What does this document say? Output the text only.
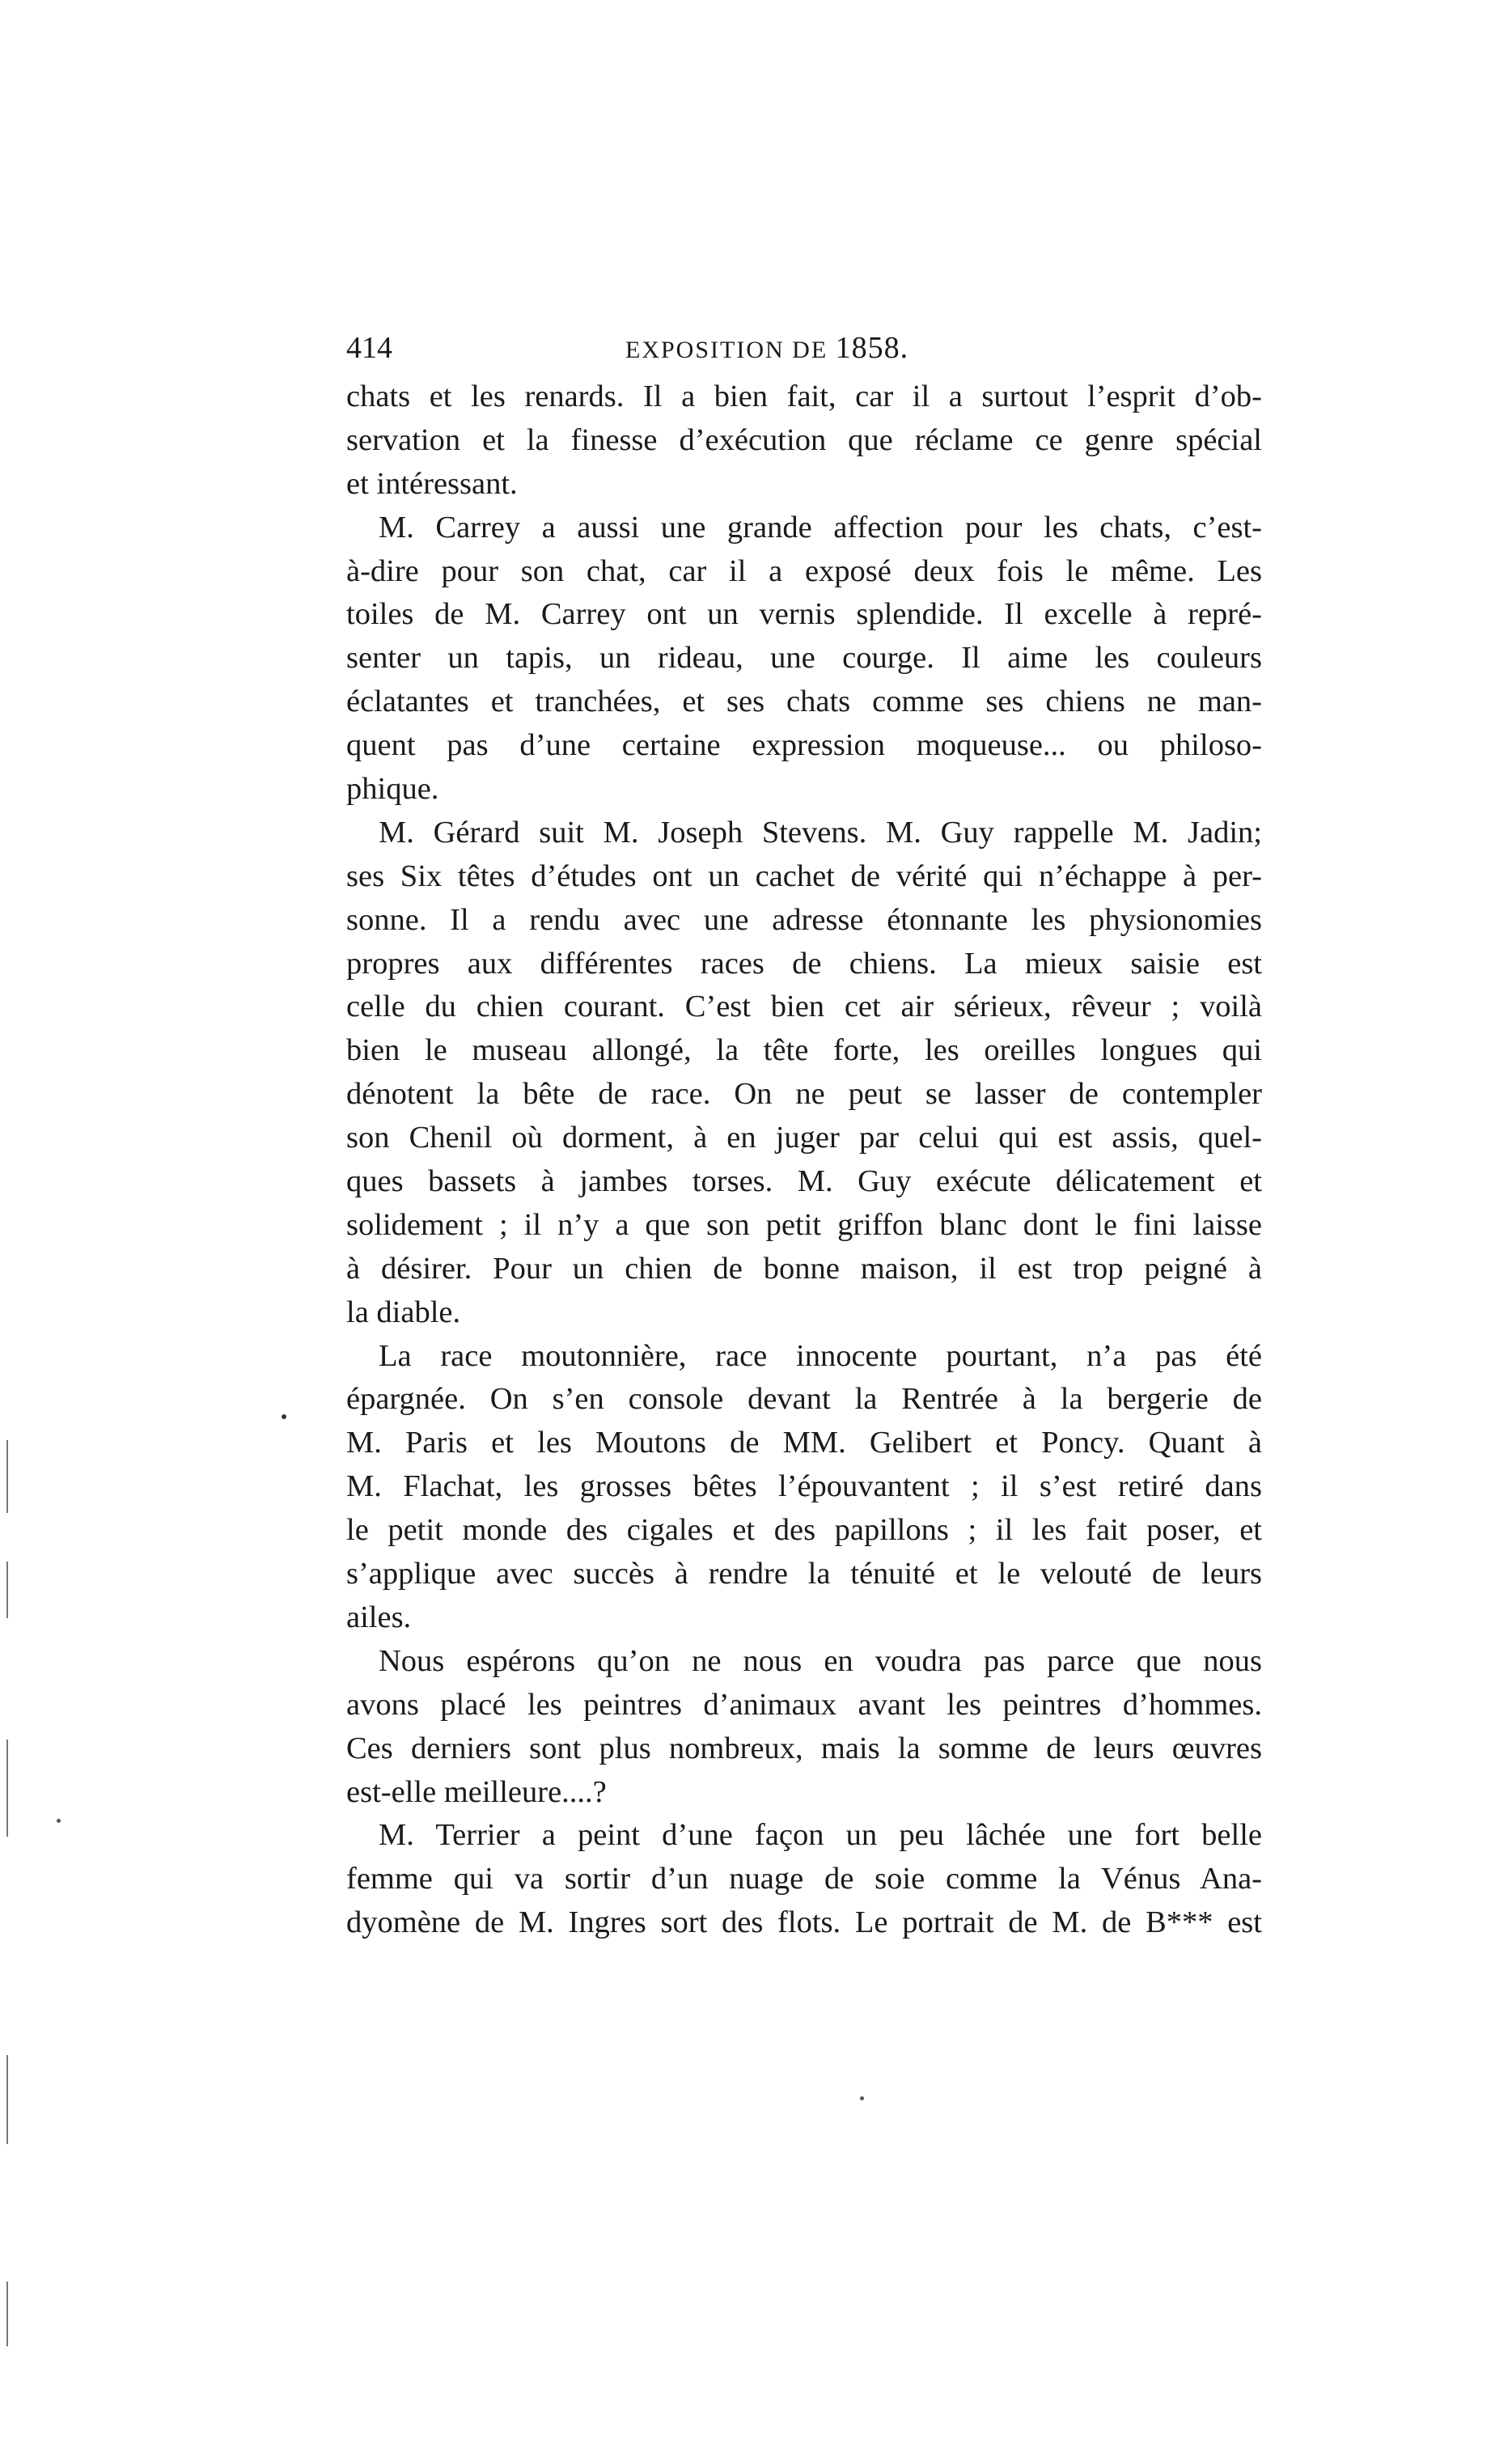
414	EXPOSITION DE 1858.
chats et les renards. Il a bien fait, car il a surtout l’esprit d’ob-
servation et la finesse d’exécution que réclame ce genre spécial
et intéressant.
M. Carrey a aussi une grande affection pour les chats, c’est-
à-dire pour son chat, car il a exposé deux fois le même. Les
toiles de M. Carrey ont un vernis splendide. Il excelle à repré-
senter un tapis, un rideau, une courge. Il aime les couleurs
éclatantes et tranchées, et ses chats comme ses chiens ne man-
quent pas d’une certaine expression moqueuse... ou philoso-
phique.
M. Gérard suit M. Joseph Stevens. M. Guy rappelle M. Jadin;
ses Six têtes d’études ont un cachet de vérité qui n’échappe à per-
sonne. Il a rendu avec une adresse étonnante les physionomies
propres aux différentes races de chiens. La mieux saisie est
celle du chien courant. C’est bien cet air sérieux, rêveur ; voilà
bien le museau allongé, la tête forte, les oreilles longues qui
dénotent la bête de race. On ne peut se lasser de contempler
son Chenil où dorment, à en juger par celui qui est assis, quel-
ques bassets à jambes torses. M. Guy exécute délicatement et
solidement ; il n’y a que son petit griffon blanc dont le fini laisse
à désirer. Pour un chien de bonne maison, il est trop peigné à
la diable.
La race moutonnière, race innocente pourtant, n’a pas été
épargnée. On s’en console devant la Rentrée à la bergerie de
M. Paris et les Moutons de MM. Gelibert et Poncy. Quant à
M. Flachat, les grosses bêtes l’épouvantent ; il s’est retiré dans
le petit monde des cigales et des papillons ; il les fait poser, et
s’applique avec succès à rendre la ténuité et le velouté de leurs
ailes.
Nous espérons qu’on ne nous en voudra pas parce que nous
avons placé les peintres d’animaux avant les peintres d’hommes.
Ces derniers sont plus nombreux, mais la somme de leurs œuvres
est-elle meilleure....?
M. Terrier a peint d’une façon un peu lâchée une fort belle
femme qui va sortir d’un nuage de soie comme la Vénus Ana-
dyomène de M. Ingres sort des flots. Le portrait de M. de B*** est
